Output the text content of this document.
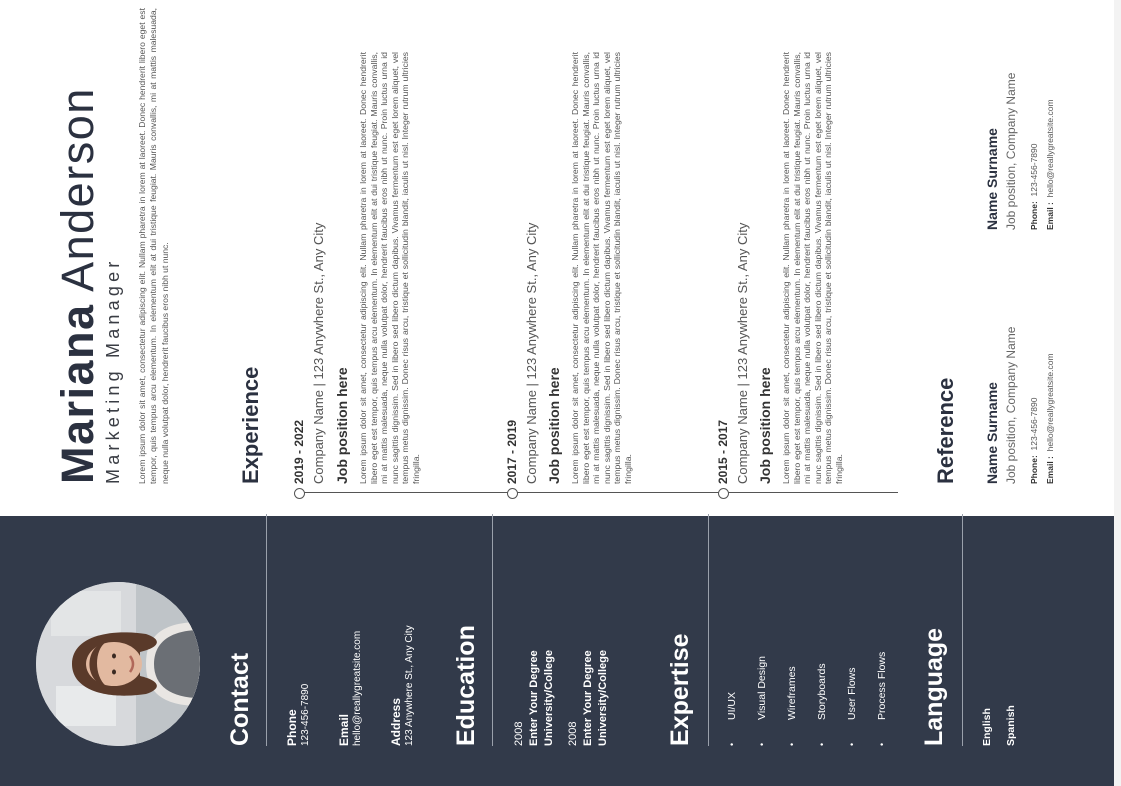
Contact	Phone 123-456-7890 Email hello@reallygreatsite.com Address 123 Anywhere St., Any City Education	2008 Enter Your Degree University/College 2008 Enter Your Degree University/College Expertise	• UI/UX • Visual Design • Wireframes • Storyboards • User Flows • Process Flows Language	English Spanish
Mariana Anderson
Marketing Manager Lorem ipsum dolor sit amet, consectetur adipiscing elit. Nullam pharetra in lorem at laoreet. Donec hendrerit libero eget est tempor, quis tempus arcu elementum. In elementum elit at dui tristique feugiat. Mauris convallis, mi at mattis malesuada, neque nulla volutpat dolor, hendrerit faucibus eros nibh ut nunc.	Experience 2019 - 2022 Company Name | 123 Anywhere St., Any City Job position here Lorem ipsum dolor sit amet, consectetur adipiscing elit. Nullam pharetra in lorem at laoreet. Donec hendrerit libero eget est tempor, quis tempus arcu elementum. In elementum elit at dui tristique feugiat. Mauris convallis, mi at mattis malesuada, neque nulla volutpat dolor, hendrerit faucibus eros nibh ut nunc. Proin luctus urna id nunc sagittis dignissim. Sed in libero sed libero dictum dapibus. Vivamus fermentum est eget lorem aliquet, vel tempus metus dignissim. Donec risus arcu, tristique et sollicitudin blandit, iaculis ut nisl. Integer rutrum ultricies fringilla.	2017 - 2019 Company Name | 123 Anywhere St., Any City Job position here Lorem ipsum dolor sit amet, consectetur adipiscing elit. Nullam pharetra in lorem at laoreet. Donec hendrerit libero eget est tempor, quis tempus arcu elementum. In elementum elit at dui tristique feugiat. Mauris convallis, mi at mattis malesuada, neque nulla volutpat dolor, hendrerit faucibus eros nibh ut nunc. Proin luctus urna id nunc sagittis dignissim. Sed in libero sed libero dictum dapibus. Vivamus fermentum est eget lorem aliquet, vel tempus metus dignissim. Donec risus arcu, tristique et sollicitudin blandit, iaculis ut nisl. Integer rutrum ultricies fringilla.	2015 - 2017 Company Name | 123 Anywhere St., Any City Job position here Lorem ipsum dolor sit amet, consectetur adipiscing elit. Nullam pharetra in lorem at laoreet. Donec hendrerit libero eget est tempor, quis tempus arcu elementum. In elementum elit at dui tristique feugiat. Mauris convallis, mi at mattis malesuada, neque nulla volutpat dolor, hendrerit faucibus eros nibh ut nunc. Proin luctus urna id nunc sagittis dignissim. Sed in libero sed libero dictum dapibus. Vivamus fermentum est eget lorem aliquet, vel tempus metus dignissim. Donec risus arcu, tristique et sollicitudin blandit, iaculis ut nisl. Integer rutrum ultricies fringilla.	Reference Name Surname Job position, Company Name Phone:  123-456-7890
Email :  hello@reallygreatsite.com
Name Surname Job position, Company Name Phone:  123-456-7890
Email :  hello@reallygreatsite.com
